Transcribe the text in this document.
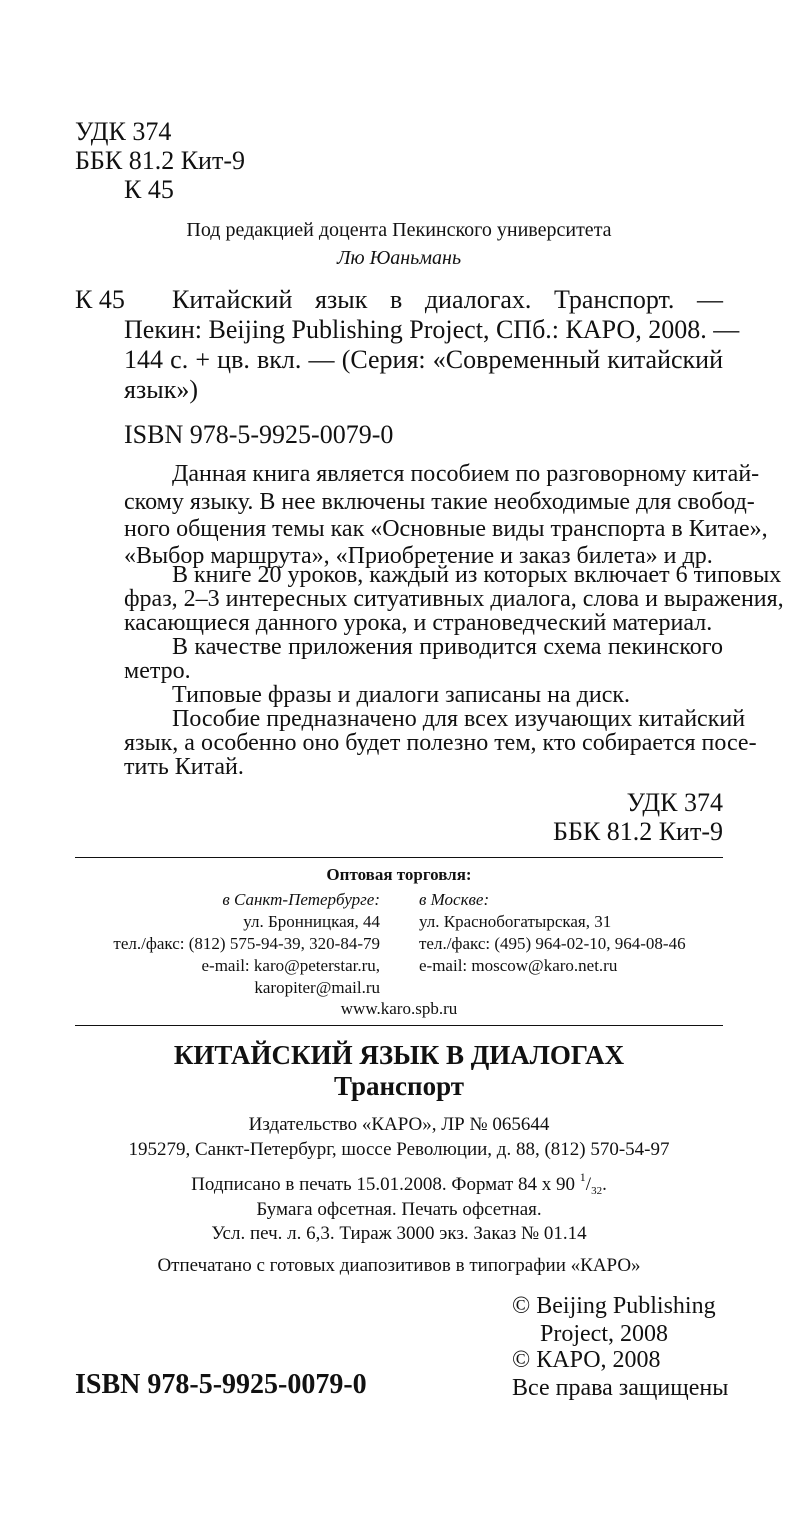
УДК 374
ББК 81.2 Кит-9
К 45
Под редакцией доцента Пекинского университета
Лю Юаньмань
К 45 Китайский язык в диалогах. Транспорт. —
Пекин: Beijing Publishing Project, СПб.: КАРО, 2008. —
144 с. + цв. вкл. — (Серия: «Современный китайский
язык»)
ISBN 978-5-9925-0079-0
Данная книга является пособием по разговорному китай-
скому языку. В нее включены такие необходимые для свобод-
ного общения темы как «Основные виды транспорта в Китае»,
«Выбор маршрута», «Приобретение и заказ билета» и др.
В книге 20 уроков, каждый из которых включает 6 типовых
фраз, 2–3 интересных ситуативных диалога, слова и выражения,
касающиеся данного урока, и страноведческий материал.
В качестве приложения приводится схема пекинского
метро.
Типовые фразы и диалоги записаны на диск.
Пособие предназначено для всех изучающих китайский
язык, а особенно оно будет полезно тем, кто собирается посе-
тить Китай.
УДК 374
ББК 81.2 Кит-9
Оптовая торговля:
в Санкт-Петербурге:
ул. Бронницкая, 44
тел./факс: (812) 575-94-39, 320-84-79
e-mail: karo@peterstar.ru,
karopiter@mail.ru
в Москве:
ул. Краснобогатырская, 31
тел./факс: (495) 964-02-10, 964-08-46
e-mail: moscow@karo.net.ru
www.karo.spb.ru
КИТАЙСКИЙ ЯЗЫК В ДИАЛОГАХ
Транспорт
Издательство «КАРО», ЛР № 065644
195279, Санкт-Петербург, шоссе Революции, д. 88, (812) 570-54-97
Подписано в печать 15.01.2008. Формат 84 х 90 $^1/_{32}$.
Бумага офсетная. Печать офсетная.
Усл. печ. л. 6,3. Тираж 3000 экз. Заказ № 01.14
Отпечатано с готовых диапозитивов в типографии «КАРО»
© Beijing Publishing
Project, 2008
© КАРО, 2008
Все права защищены
ISBN 978-5-9925-0079-0
